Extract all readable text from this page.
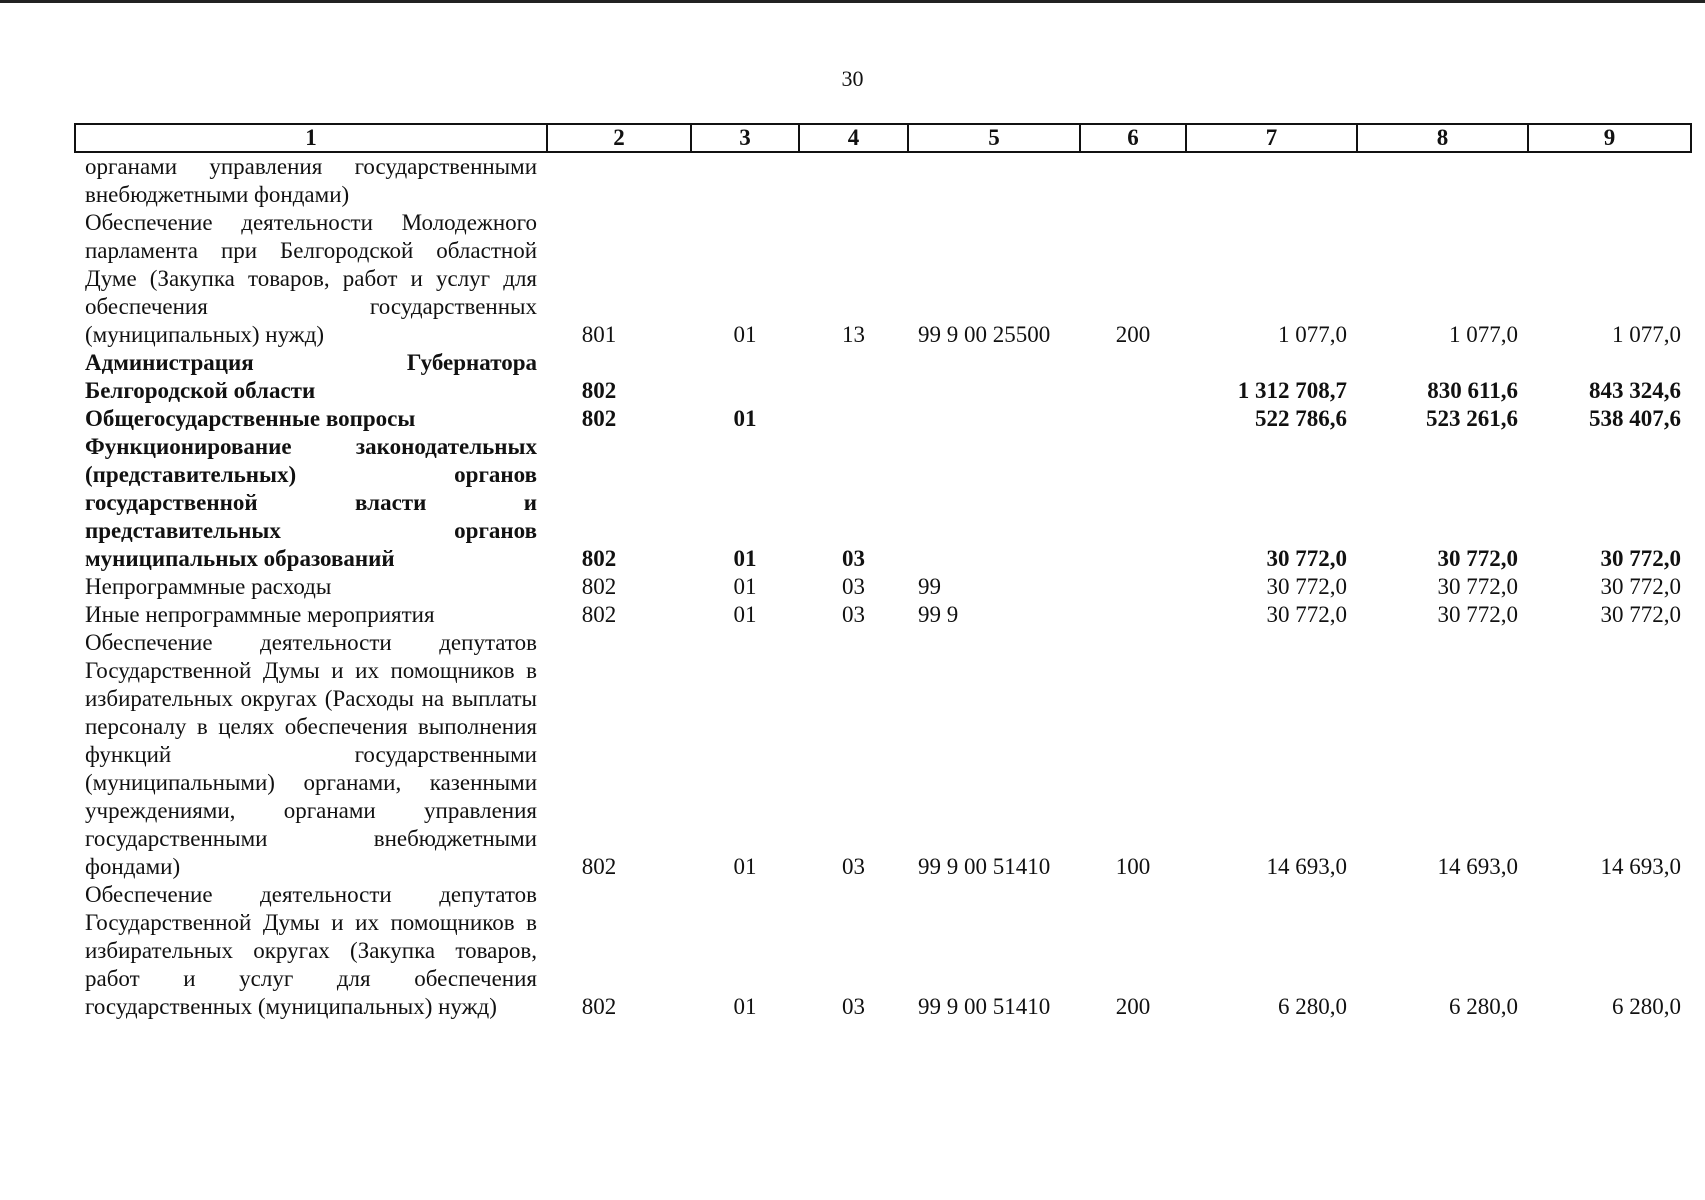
30
1	2	3	4	5	6	7	8	9
органами управления государственными внебюджетными фондами)								
Обеспечение деятельности Молодежного парламента при Белгородской областной Думе (Закупка товаров, работ и услуг для обеспечения государственных (муниципальных) нужд)	801	01	13	99 9 00 25500	200	1 077,0	1 077,0	1 077,0
Администрация Губернатора Белгородской области	802					1 312 708,7	830 611,6	843 324,6
Общегосударственные вопросы	802	01				522 786,6	523 261,6	538 407,6
Функционирование законодательных (представительных) органов государственной власти и представительных органов муниципальных образований	802	01	03			30 772,0	30 772,0	30 772,0
Непрограммные расходы	802	01	03	99		30 772,0	30 772,0	30 772,0
Иные непрограммные мероприятия	802	01	03	99 9		30 772,0	30 772,0	30 772,0
Обеспечение деятельности депутатов Государственной Думы и их помощников в избирательных округах (Расходы на выплаты персоналу в целях обеспечения выполнения функций государственными (муниципальными) органами, казенными учреждениями, органами управления государственными внебюджетными фондами)	802	01	03	99 9 00 51410	100	14 693,0	14 693,0	14 693,0
Обеспечение деятельности депутатов Государственной Думы и их помощников в избирательных округах (Закупка товаров, работ и услуг для обеспечения государственных (муниципальных) нужд)	802	01	03	99 9 00 51410	200	6 280,0	6 280,0	6 280,0
